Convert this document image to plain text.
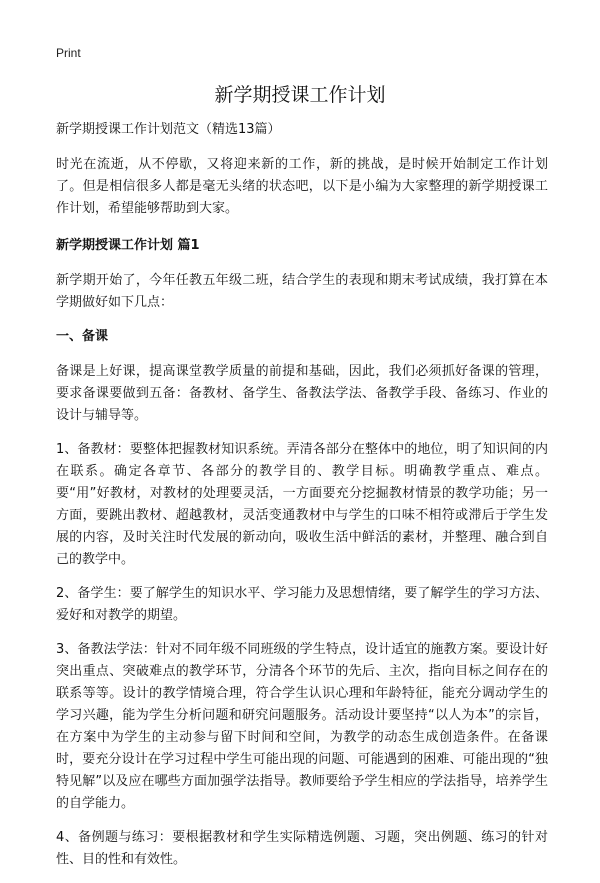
Print
新学期授课工作计划

新学期授课工作计划范文（精选13篇）

时光在流逝，从不停歇，又将迎来新的工作，新的挑战，是时候开始制定工作计划了。但是相信很多人都是毫无头绪的状态吧，以下是小编为大家整理的新学期授课工作计划，希望能够帮助到大家。

新学期授课工作计划 篇1

新学期开始了，今年任教五年级二班，结合学生的表现和期末考试成绩，我打算在本学期做好如下几点：

一、备课

备课是上好课，提高课堂教学质量的前提和基础，因此，我们必须抓好备课的管理，要求备课要做到五备：备教材、备学生、备教法学法、备教学手段、备练习、作业的设计与辅导等。

1、备教材：要整体把握教材知识系统。弄清各部分在整体中的地位，明了知识间的内在联系。确定各章节、各部分的教学目的、教学目标。明确教学重点、难点。要“用”好教材，对教材的处理要灵活，一方面要充分挖掘教材情景的教学功能；另一方面，要跳出教材、超越教材，灵活变通教材中与学生的口味不相符或滞后于学生发展的内容，及时关注时代发展的新动向，吸收生活中鲜活的素材，并整理、融合到自己的教学中。

2、备学生：要了解学生的知识水平、学习能力及思想情绪，要了解学生的学习方法、爱好和对教学的期望。

3、备教法学法：针对不同年级不同班级的学生特点，设计适宜的施教方案。要设计好突出重点、突破难点的教学环节，分清各个环节的先后、主次，指向目标之间存在的联系等等。设计的教学情境合理，符合学生认识心理和年龄特征，能充分调动学生的学习兴趣，能为学生分析问题和研究问题服务。活动设计要坚持“以人为本”的宗旨，在方案中为学生的主动参与留下时间和空间，为教学的动态生成创造条件。在备课时，要充分设计在学习过程中学生可能出现的问题、可能遇到的困难、可能出现的“独特见解”以及应在哪些方面加强学法指导。教师要给予学生相应的学法指导，培养学生的自学能力。

4、备例题与练习：要根据教材和学生实际精选例题、习题，突出例题、练习的针对性、目的性和有效性。
